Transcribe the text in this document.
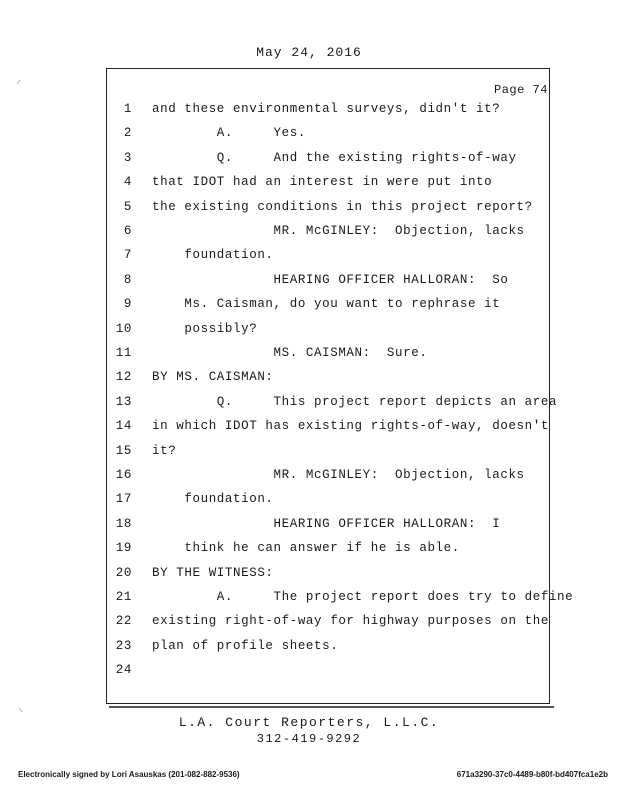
May 24, 2016
Page 74
1 and these environmental surveys, didn't it?
2 A.     Yes.
3 Q.     And the existing rights-of-way
4 that IDOT had an interest in were put into
5 the existing conditions in this project report?
6 MR. McGINLEY:  Objection, lacks
7 foundation.
8 HEARING OFFICER HALLORAN:  So
9 Ms. Caisman, do you want to rephrase it
10 possibly?
11 MS. CAISMAN:  Sure.
12 BY MS. CAISMAN:
13 Q.     This project report depicts an area
14 in which IDOT has existing rights-of-way, doesn't
15 it?
16 MR. McGINLEY:  Objection, lacks
17 foundation.
18 HEARING OFFICER HALLORAN:  I
19 think he can answer if he is able.
20 BY THE WITNESS:
21 A.     The project report does try to define
22 existing right-of-way for highway purposes on the
23 plan of profile sheets.
24
L.A. Court Reporters, L.L.C.
312-419-9292
Electronically signed by Lori Asauskas (201-082-882-9536)	671a3290-37c0-4489-b80f-bd407fca1e2b
⸝
⸜
